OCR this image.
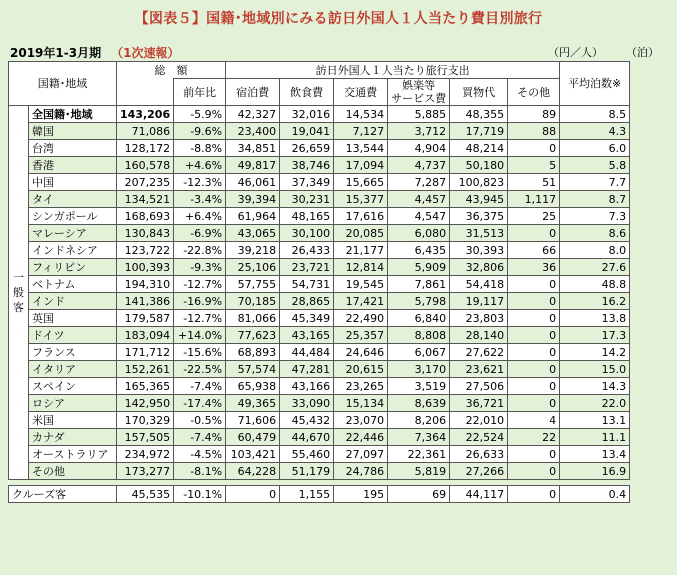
【図表５】国籍･地域別にみる訪日外国人１人当たり費目別旅行
2019年1-3月期 （1次速報）	（円／人） （泊）
国籍･地域		総　額		訪日外国人１人当たり旅行支出						平均泊数※
			前年比	宿泊費	飲食費	交通費	娯楽等
サービス費	買物代	その他	

一
般
客	全国籍･地域	143,206	-5.9%	42,327	32,016	14,534	5,885	48,355	89	8.5
	韓国	71,086	-9.6%	23,400	19,041	7,127	3,712	17,719	88	4.3
	台湾	128,172	-8.8%	34,851	26,659	13,544	4,904	48,214	0	6.0
	香港	160,578	+4.6%	49,817	38,746	17,094	4,737	50,180	5	5.8
	中国	207,235	-12.3%	46,061	37,349	15,665	7,287	100,823	51	7.7
	タイ	134,521	-3.4%	39,394	30,231	15,377	4,457	43,945	1,117	8.7
	シンガポール	168,693	+6.4%	61,964	48,165	17,616	4,547	36,375	25	7.3
	マレーシア	130,843	-6.9%	43,065	30,100	20,085	6,080	31,513	0	8.6
	インドネシア	123,722	-22.8%	39,218	26,433	21,177	6,435	30,393	66	8.0
	フィリピン	100,393	-9.3%	25,106	23,721	12,814	5,909	32,806	36	27.6
	ベトナム	194,310	-12.7%	57,755	54,731	19,545	7,861	54,418	0	48.8
	インド	141,386	-16.9%	70,185	28,865	17,421	5,798	19,117	0	16.2
	英国	179,587	-12.7%	81,066	45,349	22,490	6,840	23,803	0	13.8
	ドイツ	183,094	+14.0%	77,623	43,165	25,357	8,808	28,140	0	17.3
	フランス	171,712	-15.6%	68,893	44,484	24,646	6,067	27,622	0	14.2
	イタリア	152,261	-22.5%	57,574	47,281	20,615	3,170	23,621	0	15.0
	スペイン	165,365	-7.4%	65,938	43,166	23,265	3,519	27,506	0	14.3
	ロシア	142,950	-17.4%	49,365	33,090	15,134	8,639	36,721	0	22.0
	米国	170,329	-0.5%	71,606	45,432	23,070	8,206	22,010	4	13.1
	カナダ	157,505	-7.4%	60,479	44,670	22,446	7,364	22,524	22	11.1
	オーストラリア	234,972	-4.5%	103,421	55,460	27,097	22,361	26,633	0	13.4
	その他	173,277	-8.1%	64,228	51,179	24,786	5,819	27,266	0	16.9

クルーズ客		45,535	-10.1%	0	1,155	195	69	44,117	0	0.4
